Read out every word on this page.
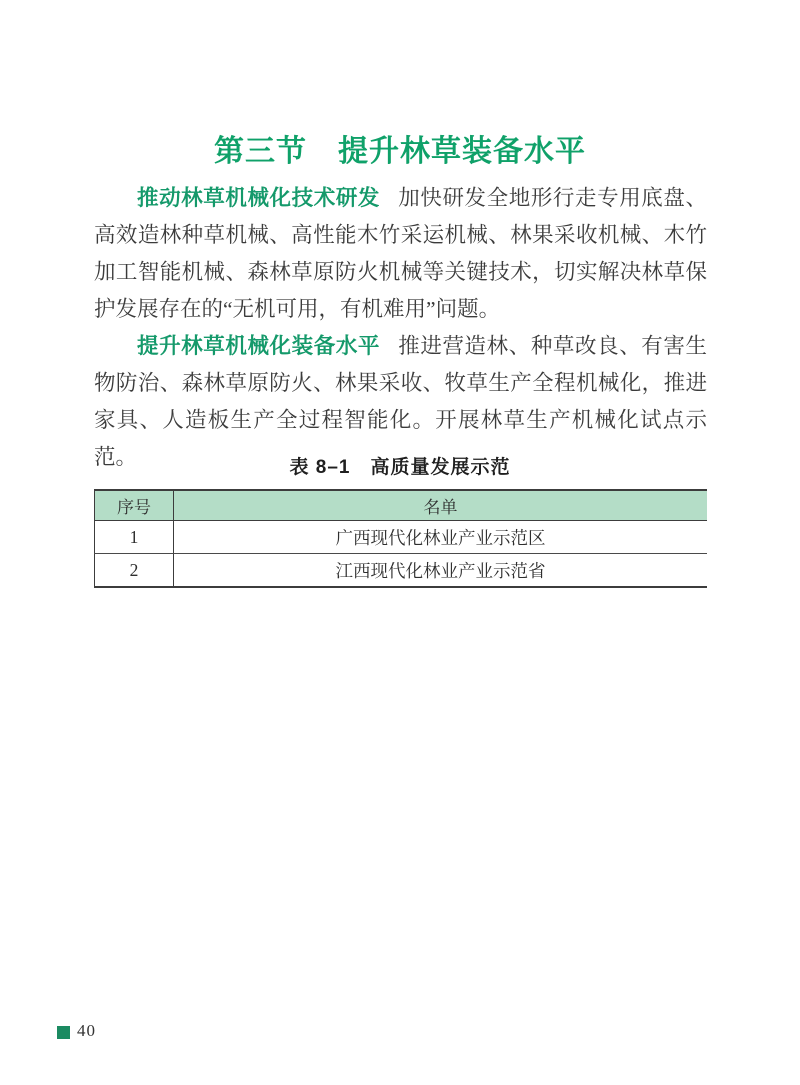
第三节　提升林草装备水平

推动林草机械化技术研发 加快研发全地形行走专用底盘、高效造林种草机械、高性能木竹采运机械、林果采收机械、木竹加工智能机械、森林草原防火机械等关键技术，切实解决林草保护发展存在的“无机可用，有机难用”问题。

提升林草机械化装备水平 推进营造林、种草改良、有害生物防治、森林草原防火、林果采收、牧草生产全程机械化，推进家具、人造板生产全过程智能化。开展林草生产机械化试点示范。	表 8–1　高质量发展示范
序号	名单
1	广西现代化林业产业示范区
2	江西现代化林业产业示范省
40
